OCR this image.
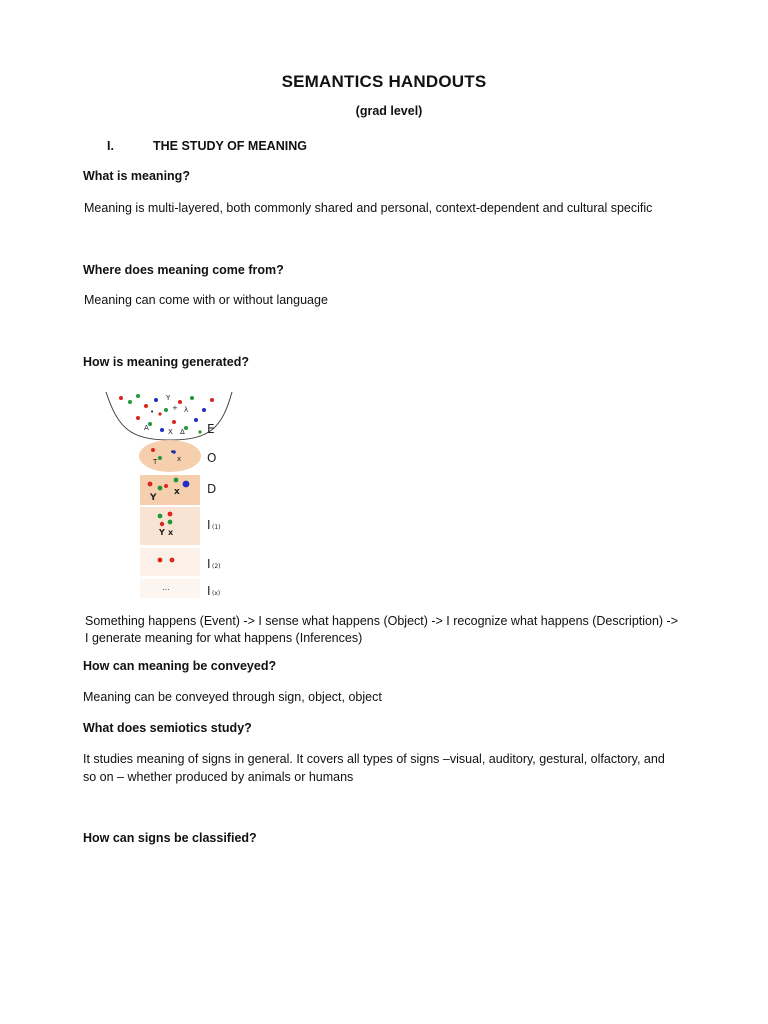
SEMANTICS HANDOUTS
(grad level)
I.	THE STUDY OF MEANING
What is meaning?
Meaning is multi-layered, both commonly shared and personal, context-dependent and cultural specific
Where does meaning come from?
Meaning can come with or without language
How is meaning generated?
Y
+
•	λ
X
A	Δ
•
x
T
x
Y
Y x
…
E
O
D
I (1)
I (2)
I (x)
Something happens (Event) -> I sense what happens (Object) -> I recognize what happens (Description) ->
I generate meaning for what happens (Inferences)
How can meaning be conveyed?
Meaning can be conveyed through sign, object, object
What does semiotics study?
It studies meaning of signs in general. It covers all types of signs –visual, auditory, gestural, olfactory, and
so on – whether produced by animals or humans
How can signs be classified?
